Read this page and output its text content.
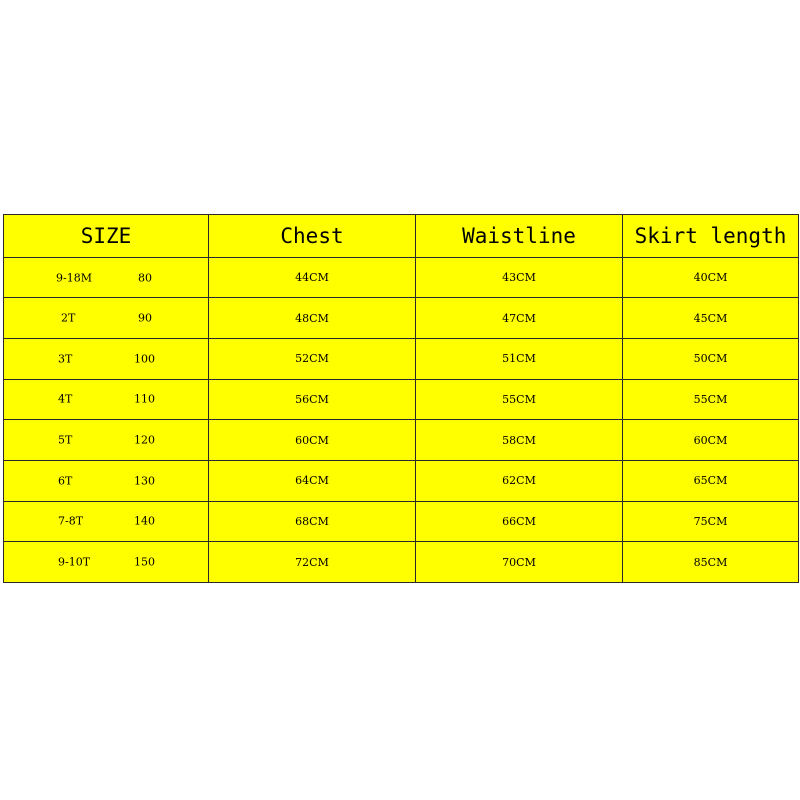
SIZE	Chest	Waistline	Skirt length

9-18M 80	44CM	43CM	40CM

2T 90	48CM	47CM	45CM

3T 100	52CM	51CM	50CM

4T 110	56CM	55CM	55CM

5T 120	60CM	58CM	60CM

6T 130	64CM	62CM	65CM

7-8T 140	68CM	66CM	75CM

9-10T 150	72CM	70CM	85CM
